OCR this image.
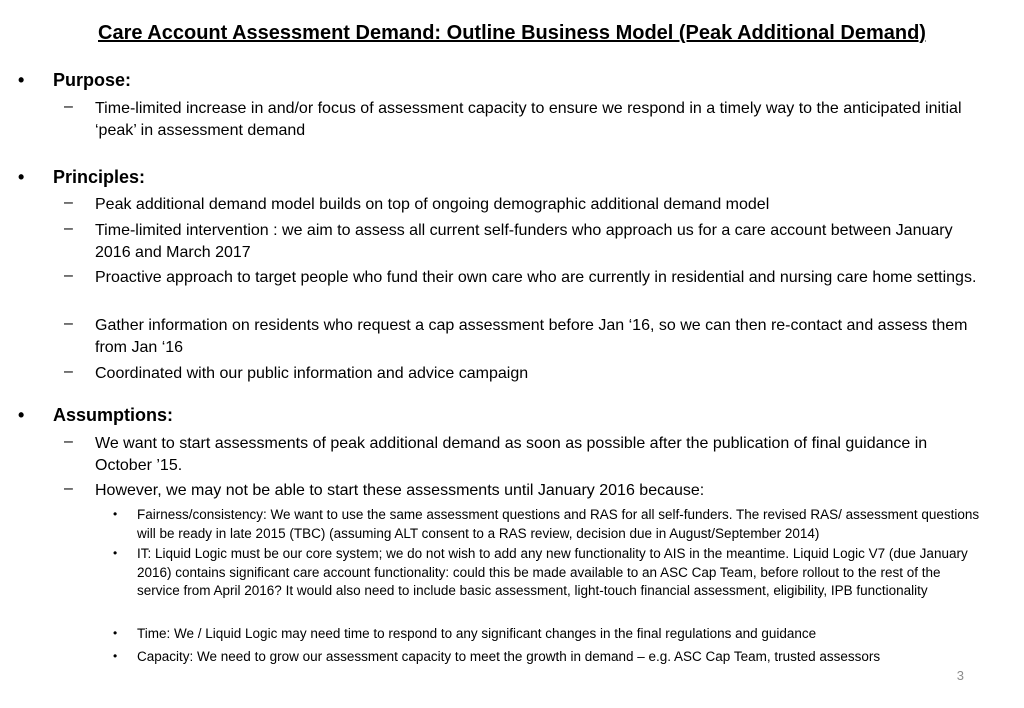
Care Account Assessment Demand: Outline Business Model (Peak Additional Demand)
• Purpose:
– Time-limited increase in and/or focus of assessment capacity to ensure we respond in a timely way to the anticipated initial ‘peak’ in assessment demand
• Principles:
– Peak additional demand model builds on top of ongoing demographic additional demand model
– Time-limited intervention : we aim to assess all current self-funders who approach us for a care account between January 2016 and March 2017
– Proactive approach to target people who fund their own care who are currently in residential and nursing care home settings.
– Gather information on residents who request a cap assessment before Jan ‘16, so we can then re-contact and assess them from Jan ‘16
– Coordinated with our public information and advice campaign
• Assumptions:
– We want to start assessments of peak additional demand as soon as possible after the publication of final guidance in October ’15.
– However, we may not be able to start these assessments until January 2016 because:
• Fairness/consistency: We want to use the same assessment questions and RAS for all self-funders. The revised RAS/ assessment questions will be ready in late 2015 (TBC) (assuming ALT consent to a RAS review, decision due in August/September 2014)
• IT: Liquid Logic must be our core system; we do not wish to add any new functionality to AIS in the meantime. Liquid Logic V7 (due January 2016) contains significant care account functionality: could this be made available to an ASC Cap Team, before rollout to the rest of the service from April 2016? It would also need to include basic assessment, light-touch financial assessment, eligibility, IPB functionality
• Time: We / Liquid Logic may need time to respond to any significant changes in the final regulations and guidance
• Capacity: We need to grow our assessment capacity to meet the growth in demand – e.g. ASC Cap Team, trusted assessors
3
